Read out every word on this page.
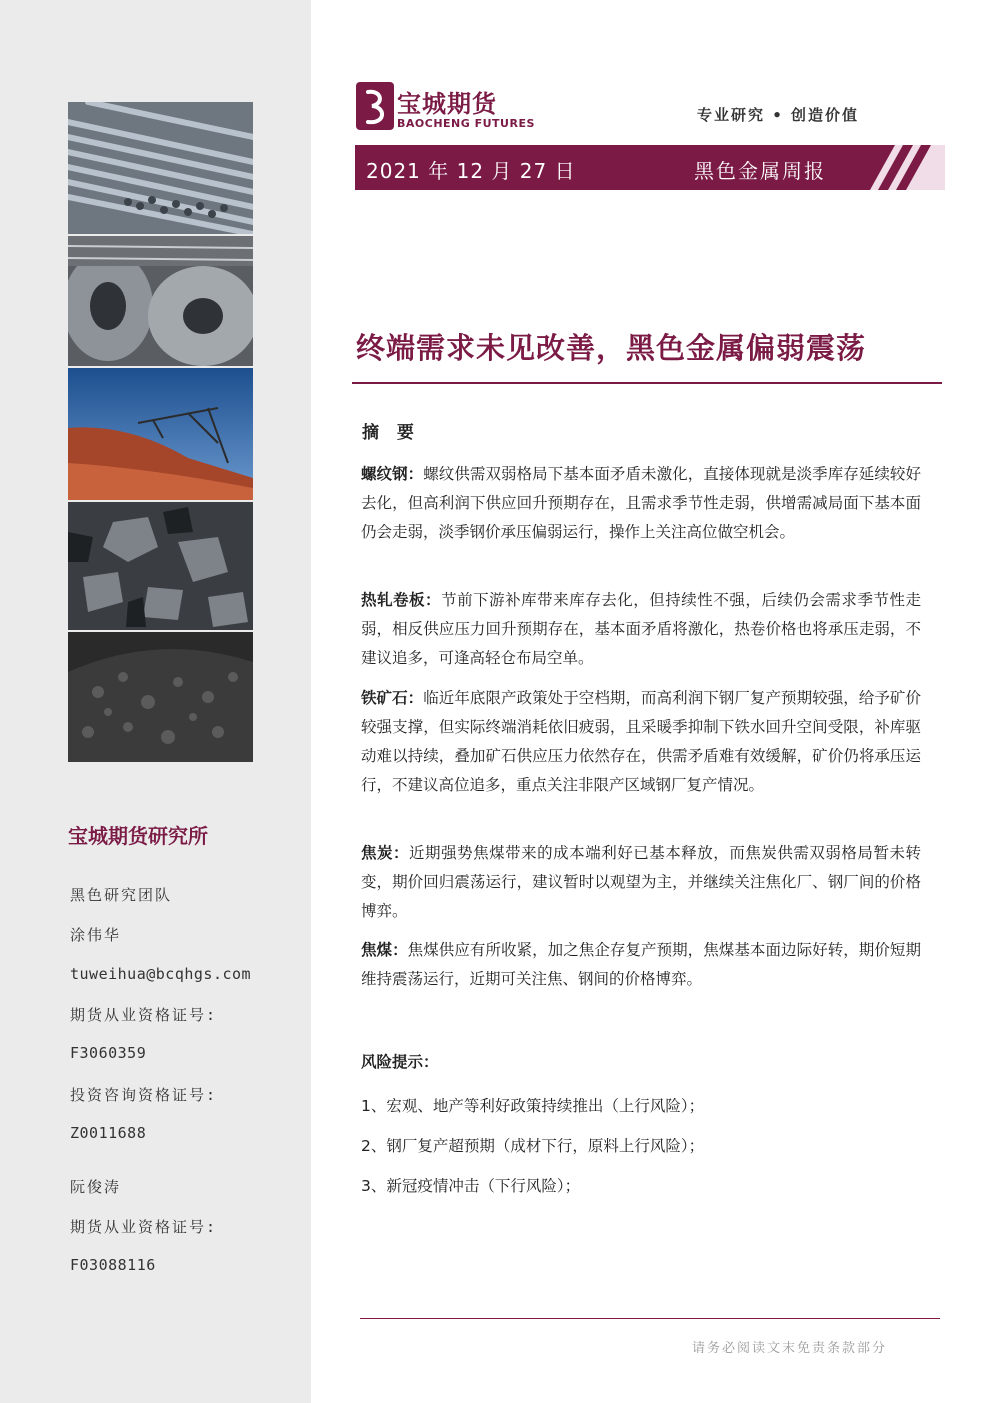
宝城期货研究所
黑色研究团队
涂伟华
tuweihua@bcqhgs.com
期货从业资格证号:
F3060359
投资咨询资格证号:
Z0011688
阮俊涛
期货从业资格证号:
F03088116
宝城期货
BAOCHENG FUTURES	专业研究 • 创造价值
2021 年 12 月 27 日	黑色金属周报
终端需求未见改善，黑色金属偏弱震荡
摘 要
螺纹钢：螺纹供需双弱格局下基本面矛盾未激化，直接体现就是淡季库存延续较好去化，但高利润下供应回升预期存在，且需求季节性走弱，供增需减局面下基本面仍会走弱，淡季钢价承压偏弱运行，操作上关注高位做空机会。
热轧卷板：节前下游补库带来库存去化，但持续性不强，后续仍会需求季节性走弱，相反供应压力回升预期存在，基本面矛盾将激化，热卷价格也将承压走弱，不建议追多，可逢高轻仓布局空单。
铁矿石：临近年底限产政策处于空档期，而高利润下钢厂复产预期较强，给予矿价较强支撑，但实际终端消耗依旧疲弱，且采暖季抑制下铁水回升空间受限，补库驱动难以持续，叠加矿石供应压力依然存在，供需矛盾难有效缓解，矿价仍将承压运行，不建议高位追多，重点关注非限产区域钢厂复产情况。
焦炭：近期强势焦煤带来的成本端利好已基本释放，而焦炭供需双弱格局暂未转变，期价回归震荡运行，建议暂时以观望为主，并继续关注焦化厂、钢厂间的价格博弈。
焦煤：焦煤供应有所收紧，加之焦企存复产预期，焦煤基本面边际好转，期价短期维持震荡运行，近期可关注焦、钢间的价格博弈。
风险提示：
1、宏观、地产等利好政策持续推出（上行风险）；
2、钢厂复产超预期（成材下行，原料上行风险）；
3、新冠疫情冲击（下行风险）；
请务必阅读文末免责条款部分
